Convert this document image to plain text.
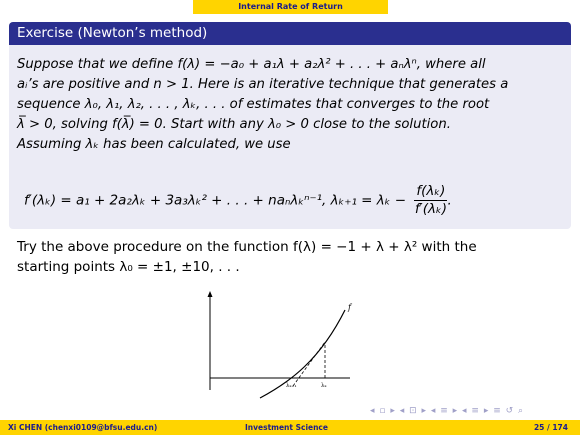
Internal Rate of Return
Exercise (Newton’s method)

Suppose that we define f(λ) = −a₀ + a₁λ + a₂λ² + . . . + aₙλⁿ, where all

aᵢ’s are positive and n > 1. Here is an iterative technique that generates a

sequence λ₀, λ₁, λ₂, . . . , λₖ, . . . of estimates that converges to the root

λ̅ > 0, solving f(λ̅) = 0. Start with any λ₀ > 0 close to the solution.

Assuming λₖ has been calculated, we use

f′(λₖ) = a₁ + 2a₂λₖ + 3a₃λₖ² + . . . + naₙλₖⁿ⁻¹, $\lambda_{k+1} = \lambda_k - \frac{\text{f(λₖ)}}{\text{f′(λₖ)}}$ .
Try the above procedure on the function f(λ) = −1 + λ + λ² with the
starting points λ₀ = ±1, ±10, . . .
f
λₖ₊₁	λₖ
◂ ▫ ▸ ◂ ⊡ ▸ ◂ ≡ ▸ ◂ ≡ ▸ ≡ ↺ ⌕
Xi CHEN (chenxi0109@bfsu.edu.cn)	Investment Science	25 / 174
